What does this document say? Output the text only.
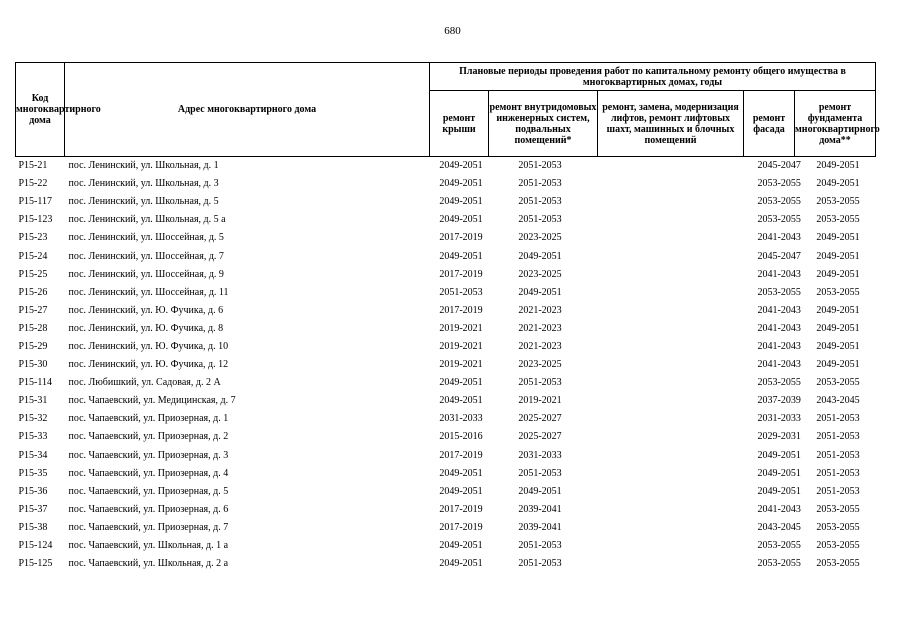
680
Код многоквартирного дома	Адрес многоквартирного дома	Плановые периоды проведения работ по капитальному ремонту общего имущества в многоквартирных домах, годы				
		ремонт крыши	ремонт внутридомовых инженерных систем, подвальных помещений*	ремонт, замена, модернизация лифтов, ремонт лифтовых шахт, машинных и блочных помещений	ремонт фасада	ремонт фундамента многоквартирного дома**
Р15-21	пос. Ленинский, ул. Школьная, д. 1	2049-2051	2051-2053		2045-2047	2049-2051
Р15-22	пос. Ленинский, ул. Школьная, д. 3	2049-2051	2051-2053		2053-2055	2049-2051
Р15-117	пос. Ленинский, ул. Школьная, д. 5	2049-2051	2051-2053		2053-2055	2053-2055
Р15-123	пос. Ленинский, ул. Школьная, д. 5 а	2049-2051	2051-2053		2053-2055	2053-2055
Р15-23	пос. Ленинский, ул. Шоссейная, д. 5	2017-2019	2023-2025		2041-2043	2049-2051
Р15-24	пос. Ленинский, ул. Шоссейная, д. 7	2049-2051	2049-2051		2045-2047	2049-2051
Р15-25	пос. Ленинский, ул. Шоссейная, д. 9	2017-2019	2023-2025		2041-2043	2049-2051
Р15-26	пос. Ленинский, ул. Шоссейная, д. 11	2051-2053	2049-2051		2053-2055	2053-2055
Р15-27	пос. Ленинский, ул. Ю. Фучика, д. 6	2017-2019	2021-2023		2041-2043	2049-2051
Р15-28	пос. Ленинский, ул. Ю. Фучика, д. 8	2019-2021	2021-2023		2041-2043	2049-2051
Р15-29	пос. Ленинский, ул. Ю. Фучика, д. 10	2019-2021	2021-2023		2041-2043	2049-2051
Р15-30	пос. Ленинский, ул. Ю. Фучика, д. 12	2019-2021	2023-2025		2041-2043	2049-2051
Р15-114	пос. Любишкий, ул. Садовая, д. 2 А	2049-2051	2051-2053		2053-2055	2053-2055
Р15-31	пос. Чапаевский, ул. Медицинская, д. 7	2049-2051	2019-2021		2037-2039	2043-2045
Р15-32	пос. Чапаевский, ул. Приозерная, д. 1	2031-2033	2025-2027		2031-2033	2051-2053
Р15-33	пос. Чапаевский, ул. Приозерная, д. 2	2015-2016	2025-2027		2029-2031	2051-2053
Р15-34	пос. Чапаевский, ул. Приозерная, д. 3	2017-2019	2031-2033		2049-2051	2051-2053
Р15-35	пос. Чапаевский, ул. Приозерная, д. 4	2049-2051	2051-2053		2049-2051	2051-2053
Р15-36	пос. Чапаевский, ул. Приозерная, д. 5	2049-2051	2049-2051		2049-2051	2051-2053
Р15-37	пос. Чапаевский, ул. Приозерная, д. 6	2017-2019	2039-2041		2041-2043	2053-2055
Р15-38	пос. Чапаевский, ул. Приозерная, д. 7	2017-2019	2039-2041		2043-2045	2053-2055
Р15-124	пос. Чапаевский, ул. Школьная, д. 1 а	2049-2051	2051-2053		2053-2055	2053-2055
Р15-125	пос. Чапаевский, ул. Школьная, д. 2 а	2049-2051	2051-2053		2053-2055	2053-2055
